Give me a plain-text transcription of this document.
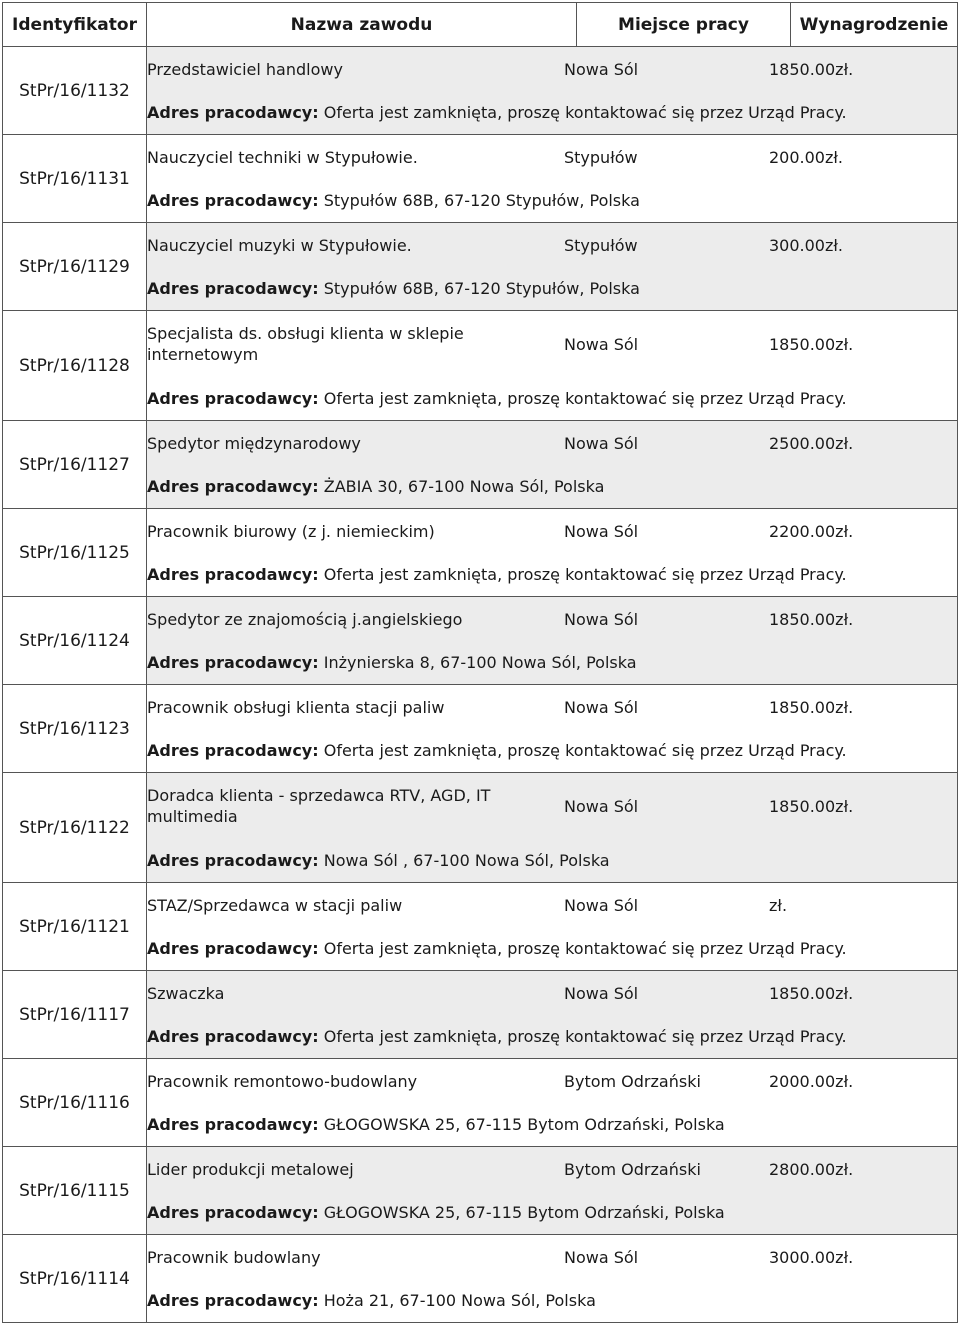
Identyfikator	Nazwa zawodu	Miejsce pracy	Wynagrodzenie
StPr/16/1132	
Przedstawiciel handlowy	Nowa Sól	1850.00zł.
Adres pracodawcy: Oferta jest zamknięta, proszę kontaktować się przez Urząd Pracy.

StPr/16/1131	
Nauczyciel techniki w Stypułowie.	Stypułów	200.00zł.
Adres pracodawcy: Stypułów 68B, 67-120 Stypułów, Polska

StPr/16/1129	
Nauczyciel muzyki w Stypułowie.	Stypułów	300.00zł.
Adres pracodawcy: Stypułów 68B, 67-120 Stypułów, Polska

StPr/16/1128	
Specjalista ds. obsługi klienta w sklepie internetowym	Nowa Sól	1850.00zł.
Adres pracodawcy: Oferta jest zamknięta, proszę kontaktować się przez Urząd Pracy.

StPr/16/1127	
Spedytor międzynarodowy	Nowa Sól	2500.00zł.
Adres pracodawcy: ŻABIA 30, 67-100 Nowa Sól, Polska

StPr/16/1125	
Pracownik biurowy (z j. niemieckim)	Nowa Sól	2200.00zł.
Adres pracodawcy: Oferta jest zamknięta, proszę kontaktować się przez Urząd Pracy.

StPr/16/1124	
Spedytor ze znajomością j.angielskiego	Nowa Sól	1850.00zł.
Adres pracodawcy: Inżynierska 8, 67-100 Nowa Sól, Polska

StPr/16/1123	
Pracownik obsługi klienta stacji paliw	Nowa Sól	1850.00zł.
Adres pracodawcy: Oferta jest zamknięta, proszę kontaktować się przez Urząd Pracy.

StPr/16/1122	
Doradca klienta - sprzedawca RTV, AGD, IT multimedia	Nowa Sól	1850.00zł.
Adres pracodawcy: Nowa Sól , 67-100 Nowa Sól, Polska

StPr/16/1121	
STAZ/Sprzedawca w stacji paliw	Nowa Sól	zł.
Adres pracodawcy: Oferta jest zamknięta, proszę kontaktować się przez Urząd Pracy.

StPr/16/1117	
Szwaczka	Nowa Sól	1850.00zł.
Adres pracodawcy: Oferta jest zamknięta, proszę kontaktować się przez Urząd Pracy.

StPr/16/1116	
Pracownik remontowo-budowlany	Bytom Odrzański	2000.00zł.
Adres pracodawcy: GŁOGOWSKA 25, 67-115 Bytom Odrzański, Polska

StPr/16/1115	
Lider produkcji metalowej	Bytom Odrzański	2800.00zł.
Adres pracodawcy: GŁOGOWSKA 25, 67-115 Bytom Odrzański, Polska

StPr/16/1114	
Pracownik budowlany	Nowa Sól	3000.00zł.
Adres pracodawcy: Hoża 21, 67-100 Nowa Sól, Polska
